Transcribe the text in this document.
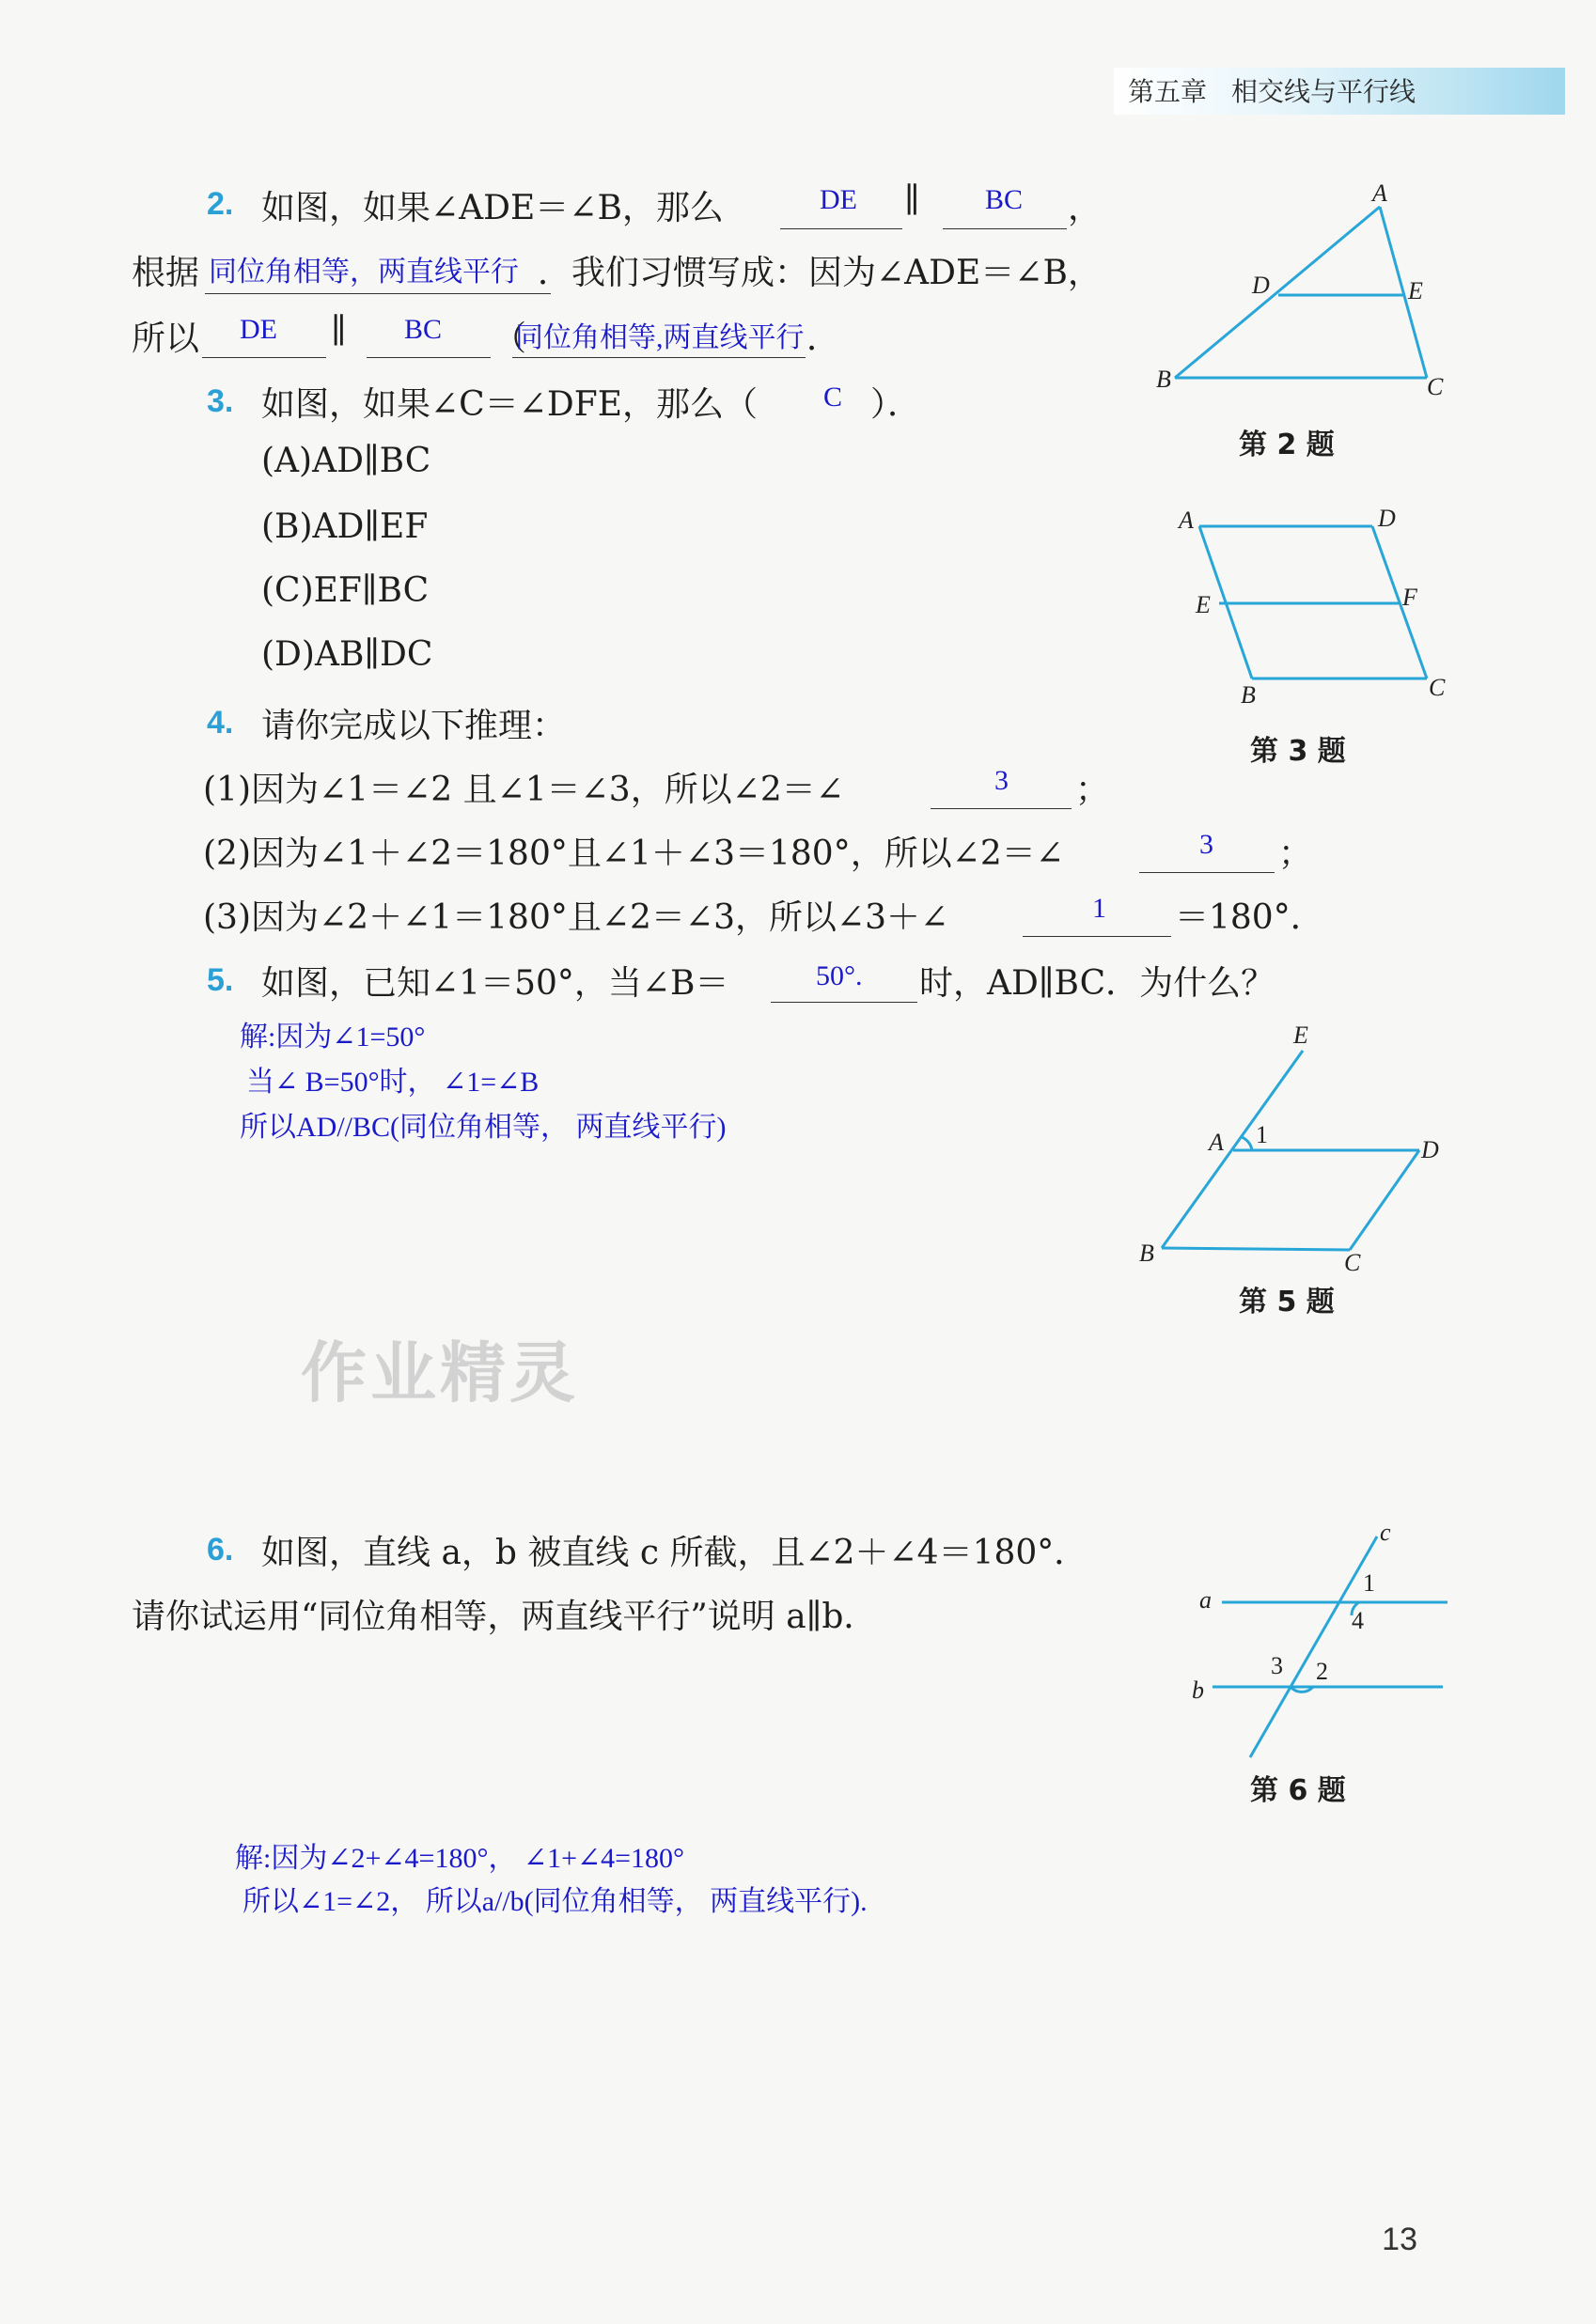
第五章 相交线与平行线
2. 如图，如果∠ADE＝∠B，那么	DE ∥ BC ，
根据 同位角相等，两直线平行 ．我们习惯写成：因为∠ADE＝∠B，
所以 DE ∥ BC （
同位角相等,两直线平行 ．
A
D	E
B	C
第 2 题
3. 如图，如果∠C＝∠DFE，那么（ C ）．
(A)AD∥BC
(B)AD∥EF
(C)EF∥BC
(D)AB∥DC
A	D
E	F
B	C
第 3 题
4. 请你完成以下推理：
(1)因为∠1＝∠2 且∠1＝∠3，所以∠2＝∠	3 ；
(2)因为∠1＋∠2＝180°且∠1＋∠3＝180°，所以∠2＝∠	3 ；
(3)因为∠2＋∠1＝180°且∠2＝∠3，所以∠3＋∠	1 ＝180°．
5. 如图，已知∠1＝50°，当∠B＝	50°. 时，AD∥BC．为什么？
解:因为∠1=50°
当∠ B=50°时， ∠1=∠B
所以AD//BC(同位角相等， 两直线平行)
E
A 1
D
B	C
第 5 题
作业精灵
6. 如图，直线 a，b 被直线 c 所截，且∠2＋∠4＝180°．
请你试运用“同位角相等，两直线平行”说明 a∥b．
c
a
b
1
4
2
3
第 6 题
解:因为∠2+∠4=180°， ∠1+∠4=180°
所以∠1=∠2， 所以a//b(同位角相等， 两直线平行).
13
